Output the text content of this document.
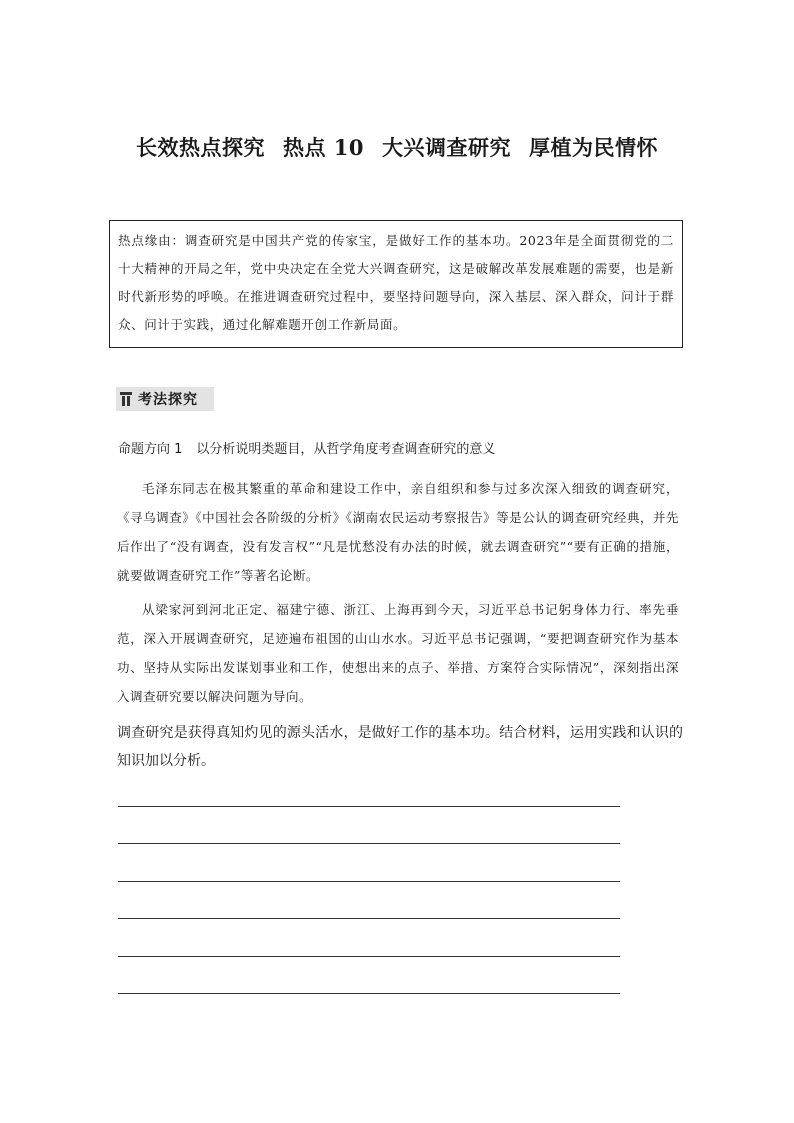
长效热点探究 热点 10 大兴调查研究 厚植为民情怀
热点缘由：调查研究是中国共产党的传家宝，是做好工作的基本功。2023年是全面贯彻党的二十大精神的开局之年，党中央决定在全党大兴调查研究，这是破解改革发展难题的需要，也是新时代新形势的呼唤。在推进调查研究过程中，要坚持问题导向，深入基层、深入群众，问计于群众、问计于实践，通过化解难题开创工作新局面。
考法探究
命题方向 1 以分析说明类题目，从哲学角度考查调查研究的意义
毛泽东同志在极其繁重的革命和建设工作中，亲自组织和参与过多次深入细致的调查研究，《寻乌调查》《中国社会各阶级的分析》《湖南农民运动考察报告》等是公认的调查研究经典，并先后作出了“没有调查，没有发言权”“凡是忧愁没有办法的时候，就去调查研究”“要有正确的措施，就要做调查研究工作”等著名论断。
从梁家河到河北正定、福建宁德、浙江、上海再到今天，习近平总书记躬身体力行、率先垂范，深入开展调查研究，足迹遍布祖国的山山水水。习近平总书记强调，“要把调查研究作为基本功、坚持从实际出发谋划事业和工作，使想出来的点子、举措、方案符合实际情况”，深刻指出深入调查研究要以解决问题为导向。
调查研究是获得真知灼见的源头活水，是做好工作的基本功。结合材料，运用实践和认识的知识加以分析。
